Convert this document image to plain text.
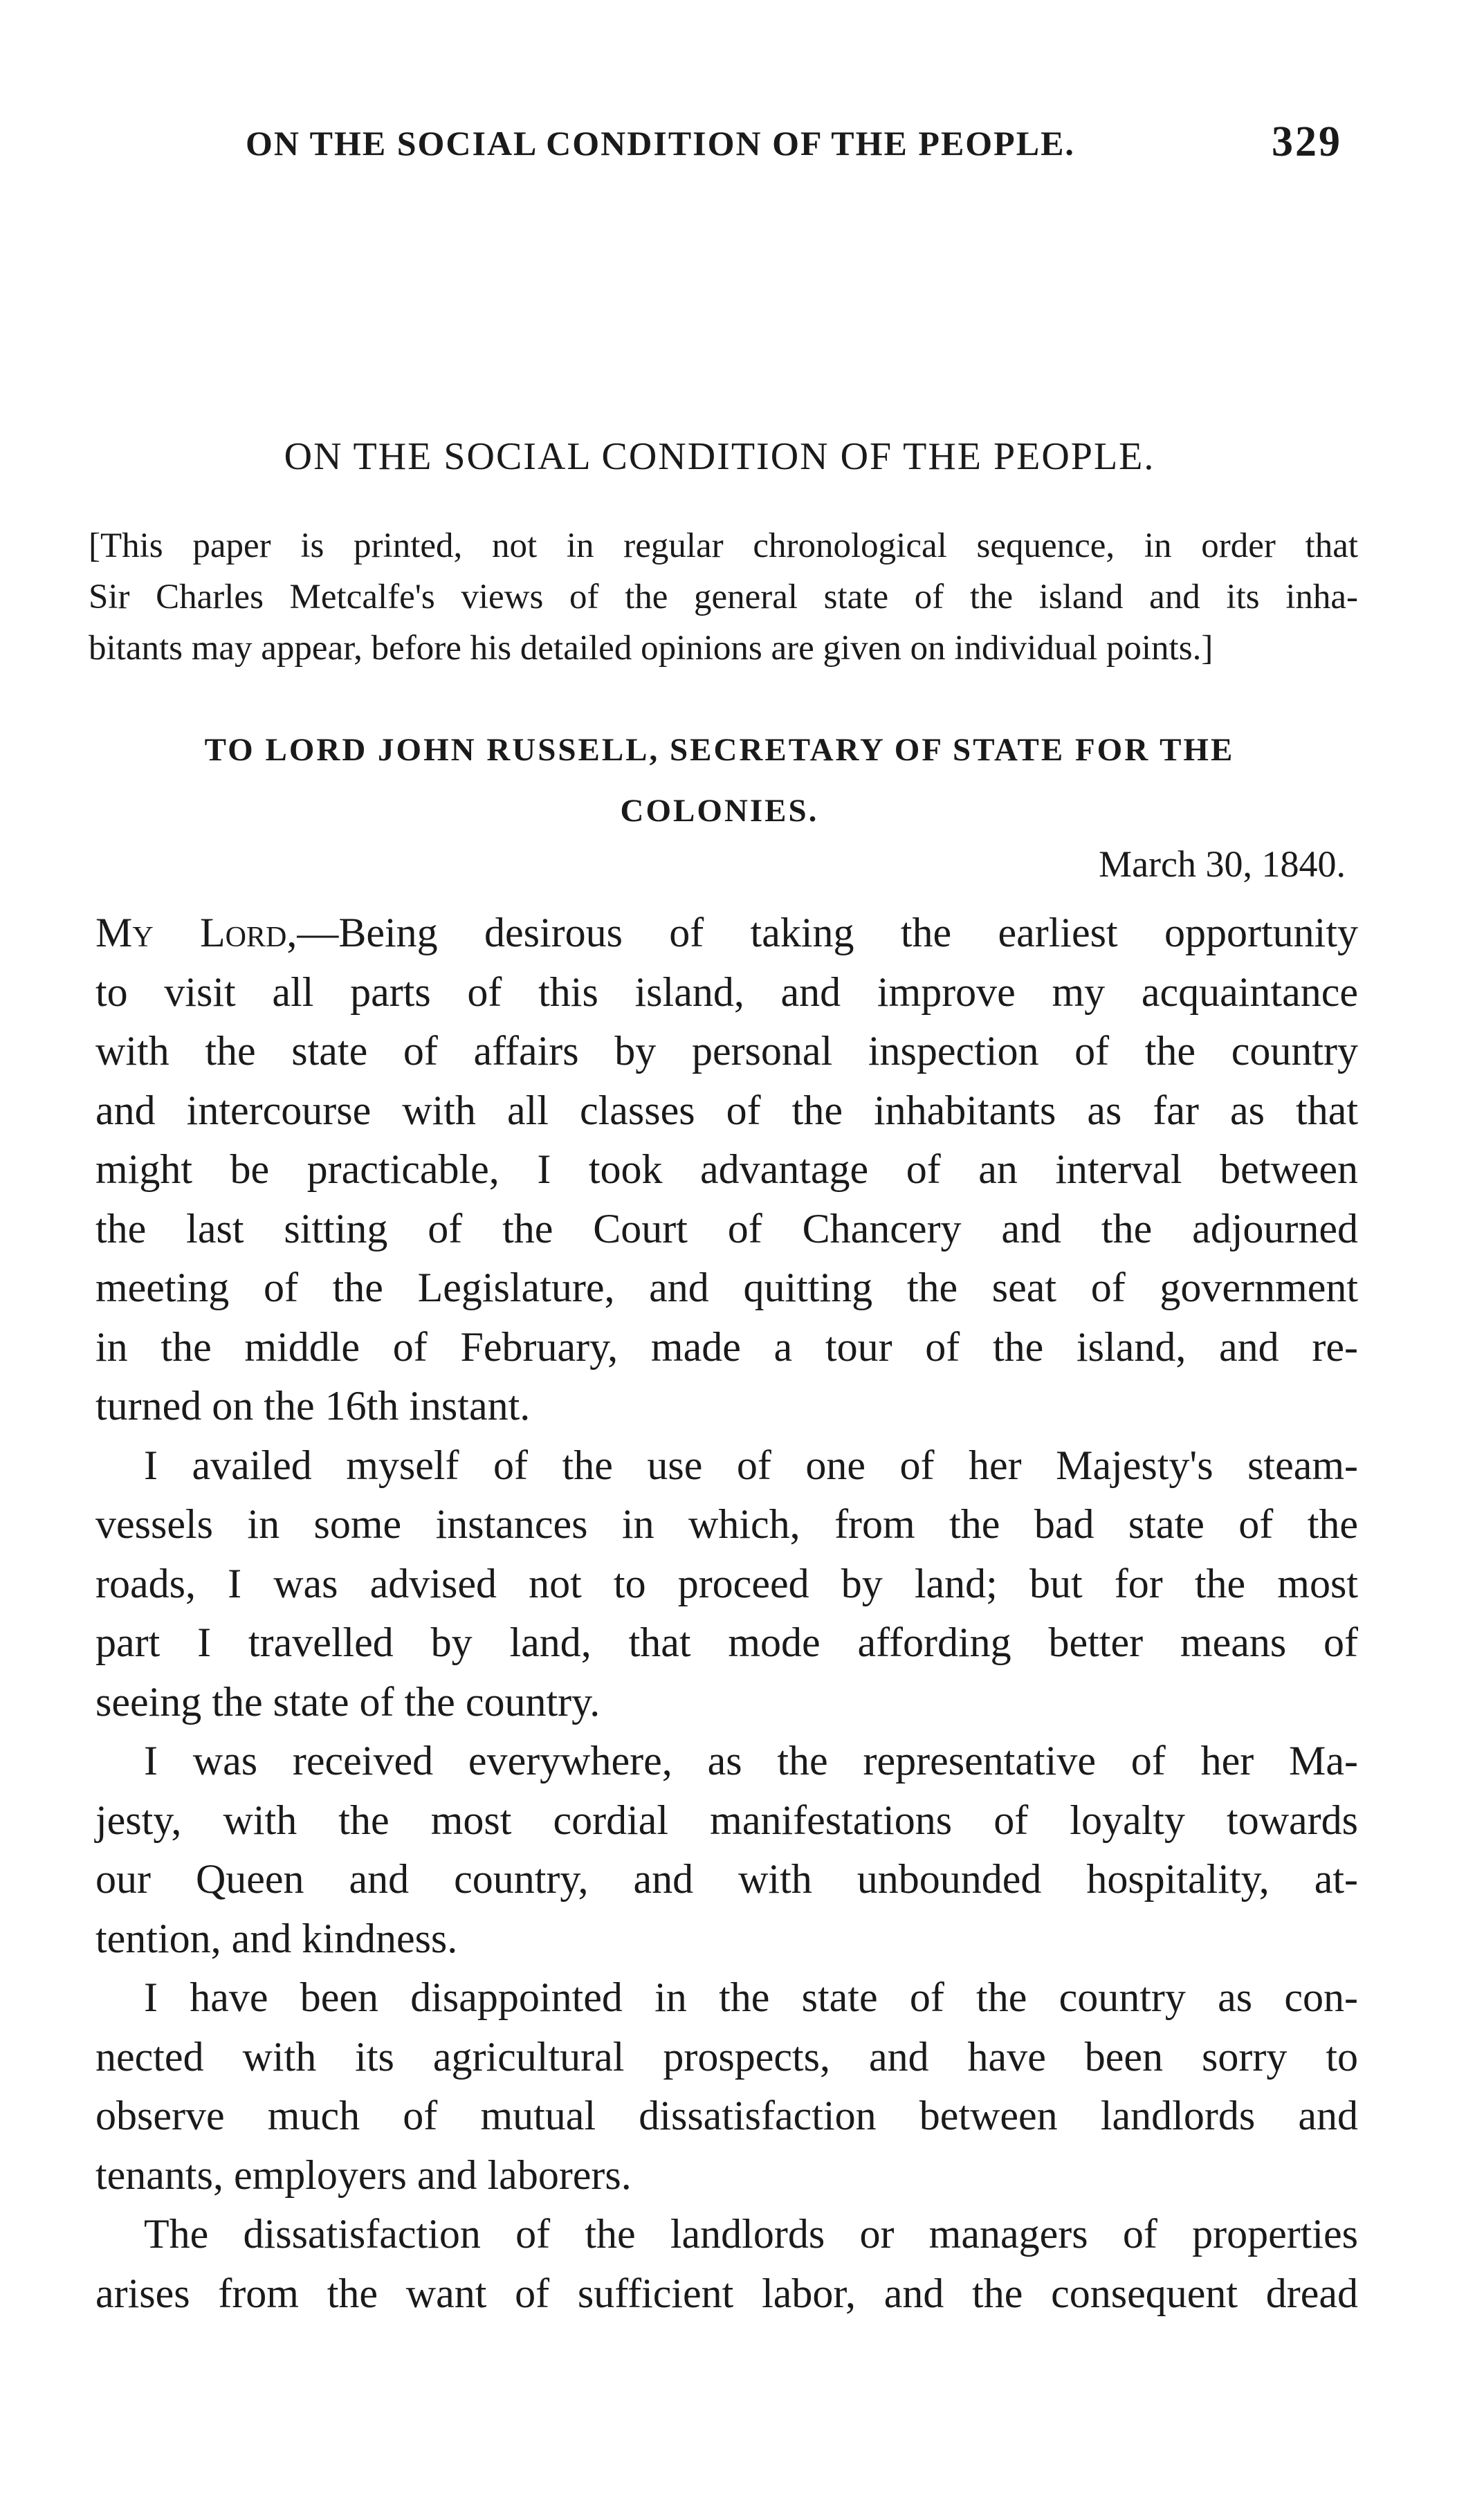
ON THE SOCIAL CONDITION OF THE PEOPLE.	329
ON THE SOCIAL CONDITION OF THE PEOPLE.
[This paper is printed, not in regular chronological sequence, in order that
Sir Charles Metcalfe's views of the general state of the island and its inha-
bitants may appear, before his detailed opinions are given on individual points.]
TO LORD JOHN RUSSELL, SECRETARY OF STATE FOR THE
COLONIES.
March 30, 1840.
My Lord,—Being desirous of taking the earliest opportunity
to visit all parts of this island, and improve my acquaintance
with the state of affairs by personal inspection of the country
and intercourse with all classes of the inhabitants as far as that
might be practicable, I took advantage of an interval between
the last sitting of the Court of Chancery and the adjourned
meeting of the Legislature, and quitting the seat of government
in the middle of February, made a tour of the island, and re-
turned on the 16th instant.
I availed myself of the use of one of her Majesty's steam-
vessels in some instances in which, from the bad state of the
roads, I was advised not to proceed by land; but for the most
part I travelled by land, that mode affording better means of
seeing the state of the country.
I was received everywhere, as the representative of her Ma-
jesty, with the most cordial manifestations of loyalty towards
our Queen and country, and with unbounded hospitality, at-
tention, and kindness.
I have been disappointed in the state of the country as con-
nected with its agricultural prospects, and have been sorry to
observe much of mutual dissatisfaction between landlords and
tenants, employers and laborers.
The dissatisfaction of the landlords or managers of properties
arises from the want of sufficient labor, and the consequent dread
